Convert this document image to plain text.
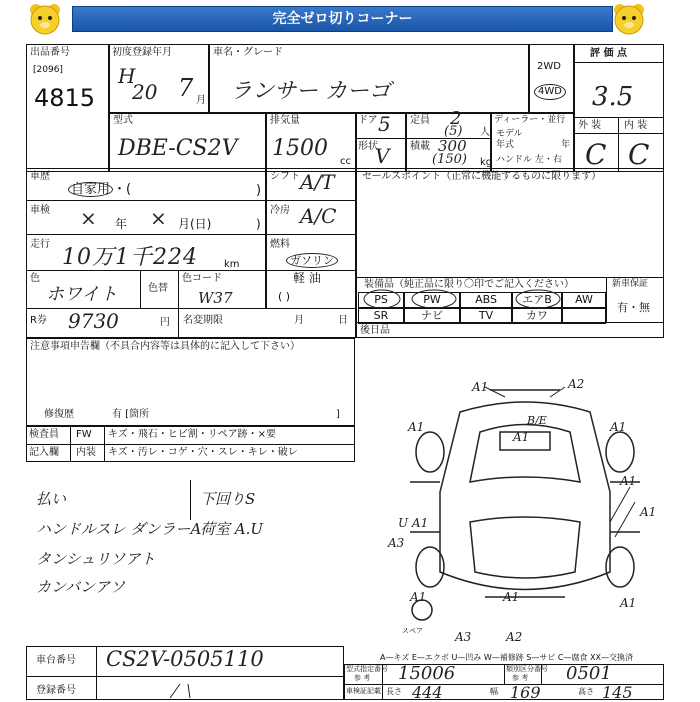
完全ゼロ切りコーナー
出品番号
[2096]
4815
初度登録年月
H
20 7 月
車名・グレード
ランサー カーゴ
2WD
4WD
評 価 点
3.5
外 装 内 装
C C
型式
DBE-CS2V
排気量
1500
cc
ドア 5
形状
V
定員 2
(5) 人
積載 300
(150) kg
ディーラー・並行
モデル
年式	年
ハンドル 左・右
車歴
自家用 ・(	)
シフト A/T	セールスポイント（正常に機能するものに限ります）
車検 × 年 × 月(日)	)
冷房 A/C
走行
10万1千224	km
燃料
ガソリン
軽 油
( )
色
ホワイト	色替
色コード
W37
装備品（純正品に限り〇印でご記入ください）
PS	PW	ABS	エアB	AW
SR	ナビ	TV	カワ
新車保証
有・無
R券 9730	円 名変期限	月	日
後日品
注意事項申告欄（不具合内容等は具体的に記入して下さい）
修復歴	有 [箇所	]
検査員 FW キズ・飛石・ヒビ割・リペア跡・×要
記入欄 内装 キズ・汚レ・コゲ・穴・スレ・キレ・破レ
払い
ハンドルスレ ダンラーA
タンシュリソアト
カンバンアソ
下回りS
荷室 A.U
A1	A2
A1	B/E
A1
A1
A1
A1
A3
U A1
A1	A1
A3	A2
A1
スペア
A—キズ E—エクボ U—凹み W—補修跡 S—サビ C—腐食 XX—交換済
車台番号 CS2V-0505110
登録番号
型式指定番号
参 考 15006	類別区分番号
参 考 0501
車検証記載 長さ 444	幅 169	高さ 145
